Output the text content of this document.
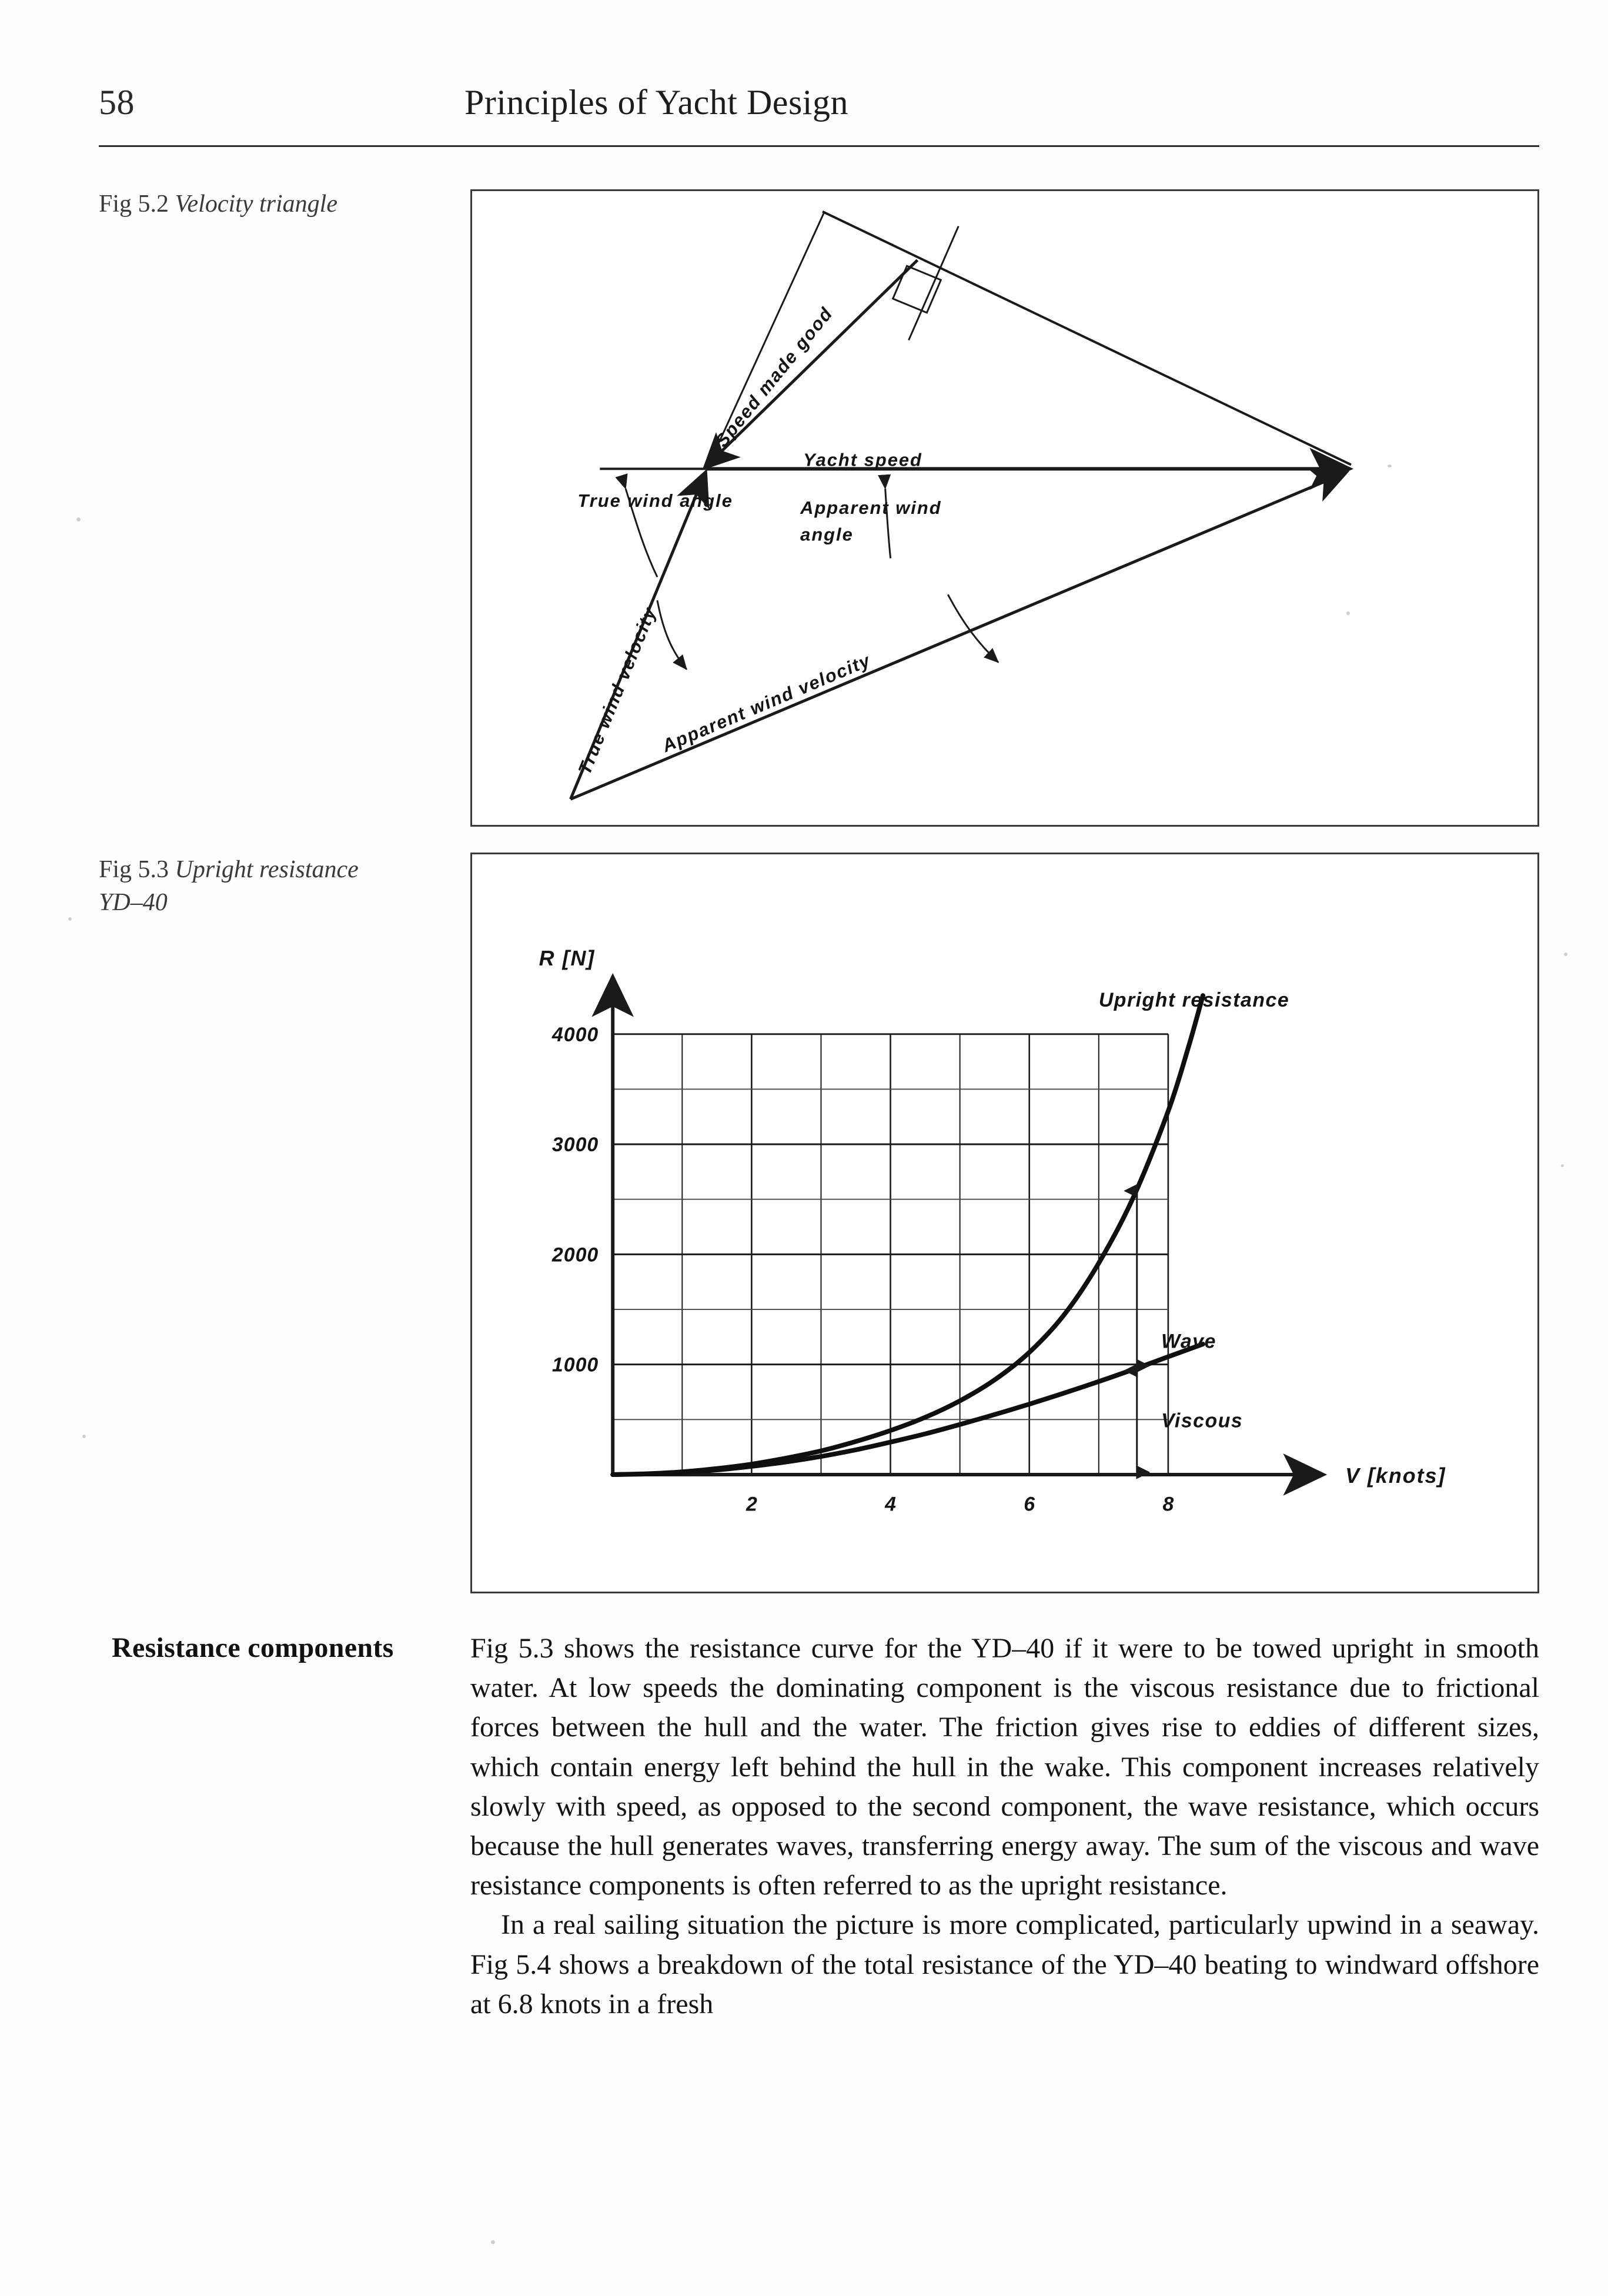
58	Principles of Yacht Design
Fig 5.2 Velocity triangle
Yacht speed
True wind angle	Apparent wind
angle
Speed made good
True wind velocity
Apparent wind velocity
Fig 5.3 Upright resistance
YD–40
1000
2000
3000
4000
2	4	6	8
R [N]
V [knots]
Upright resistance
Wave
Viscous
Resistance components	Fig 5.3 shows the resistance curve for the YD–40 if it were to be towed upright in smooth water. At low speeds the dominating component is the viscous resistance due to frictional forces between the hull and the water. The friction gives rise to eddies of different sizes, which contain energy left behind the hull in the wake. This component increases relatively slowly with speed, as opposed to the second component, the wave resistance, which occurs because the hull generates waves, transferring energy away. The sum of the viscous and wave resistance components is often referred to as the upright resistance.

In a real sailing situation the picture is more complicated, particularly upwind in a seaway. Fig 5.4 shows a breakdown of the total resistance of the YD–40 beating to windward offshore at 6.8 knots in a fresh
